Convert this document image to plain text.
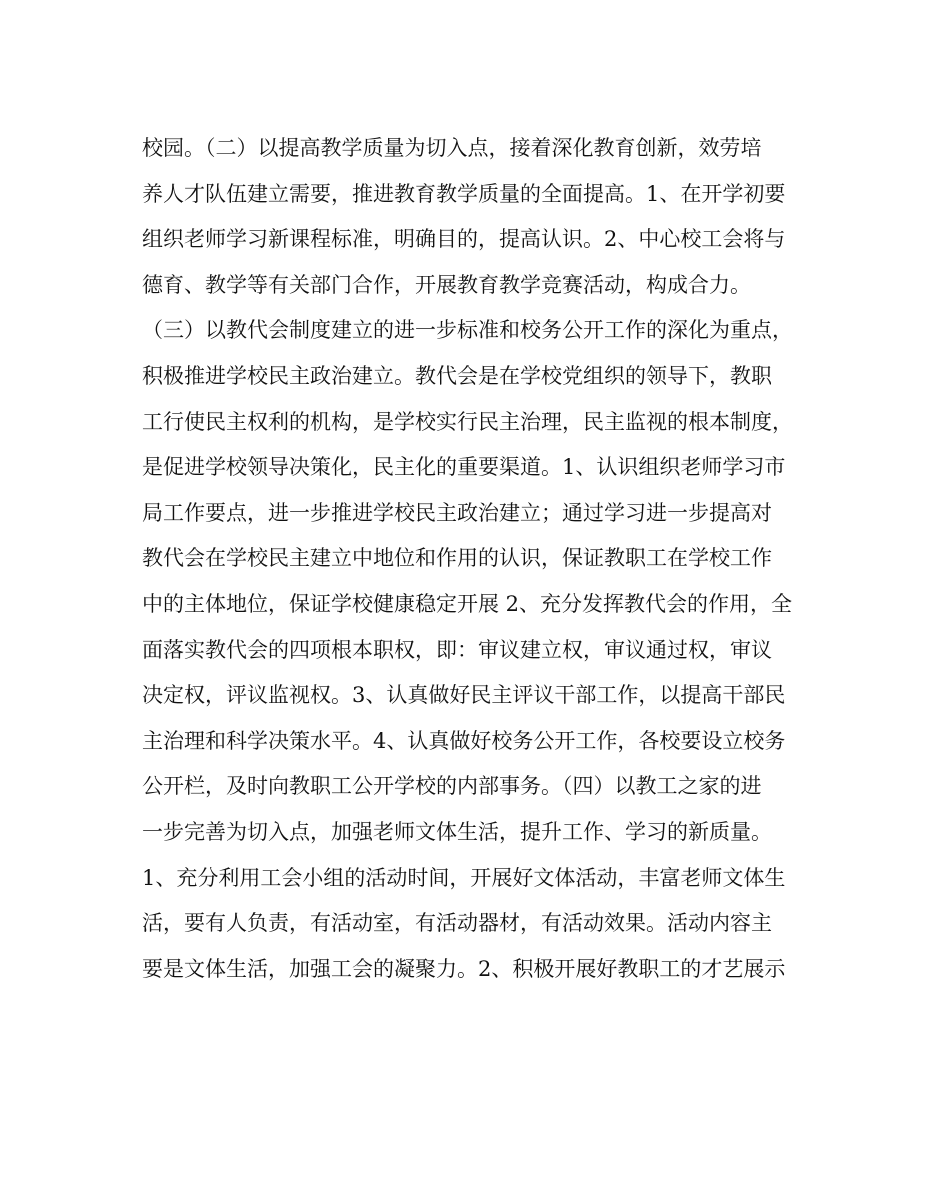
校园。（二）以提高教学质量为切入点，接着深化教育创新，效劳培
养人才队伍建立需要，推进教育教学质量的全面提高。1、在开学初要
组织老师学习新课程标准，明确目的，提高认识。2、中心校工会将与
德育、教学等有关部门合作，开展教育教学竞赛活动，构成合力。
（三）以教代会制度建立的进一步标准和校务公开工作的深化为重点，
积极推进学校民主政治建立。教代会是在学校党组织的领导下，教职
工行使民主权利的机构，是学校实行民主治理，民主监视的根本制度，
是促进学校领导决策化，民主化的重要渠道。1、认识组织老师学习市
局工作要点，进一步推进学校民主政治建立；通过学习进一步提高对
教代会在学校民主建立中地位和作用的认识，保证教职工在学校工作
中的主体地位，保证学校健康稳定开展 2、充分发挥教代会的作用，全
面落实教代会的四项根本职权，即：审议建立权，审议通过权，审议
决定权，评议监视权。3、认真做好民主评议干部工作，以提高干部民
主治理和科学决策水平。4、认真做好校务公开工作，各校要设立校务
公开栏，及时向教职工公开学校的内部事务。（四）以教工之家的进
一步完善为切入点，加强老师文体生活，提升工作、学习的新质量。
1、充分利用工会小组的活动时间，开展好文体活动，丰富老师文体生
活，要有人负责，有活动室，有活动器材，有活动效果。活动内容主
要是文体生活，加强工会的凝聚力。2、积极开展好教职工的才艺展示
